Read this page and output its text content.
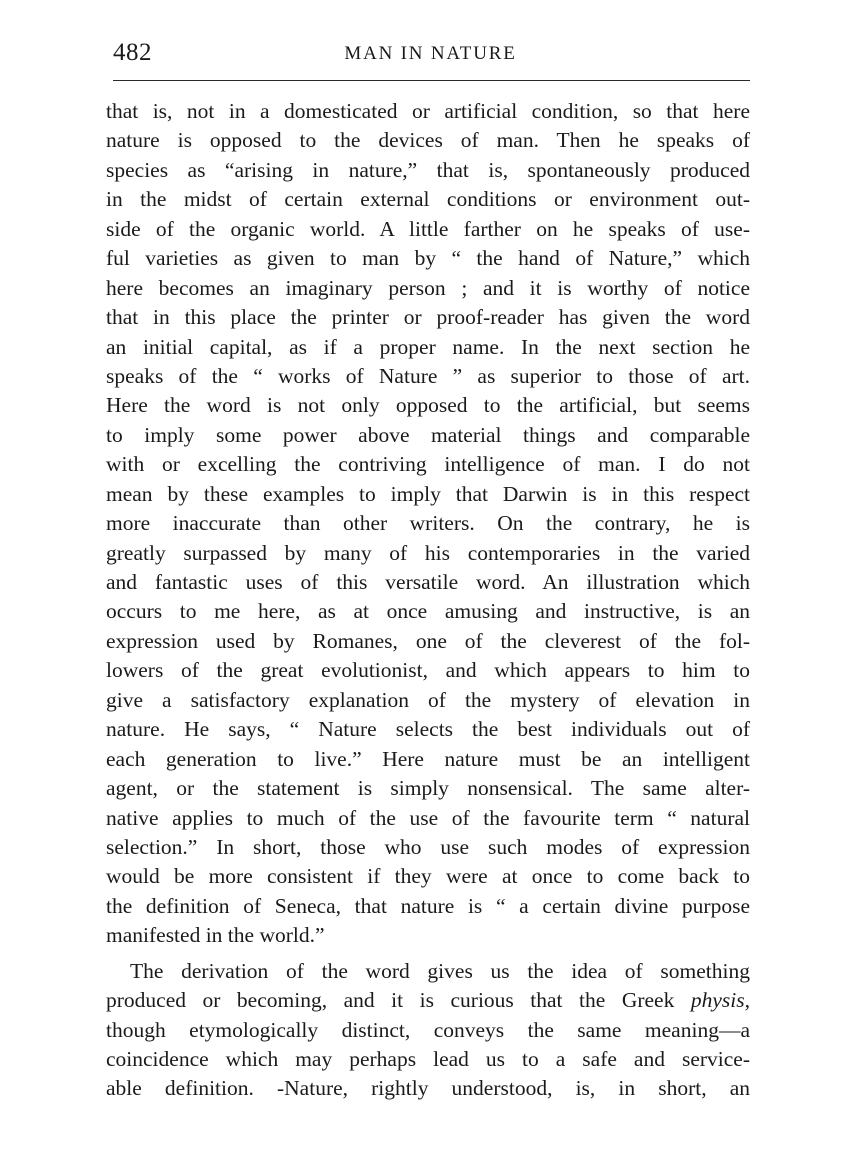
482	MAN IN NATURE
that is, not in a domesticated or artificial condition, so that here
nature is opposed to the devices of man. Then he speaks of
species as “arising in nature,” that is, spontaneously produced
in the midst of certain external conditions or environment out-
side of the organic world. A little farther on he speaks of use-
ful varieties as given to man by “ the hand of Nature,” which
here becomes an imaginary person ; and it is worthy of notice
that in this place the printer or proof-reader has given the word
an initial capital, as if a proper name. In the next section he
speaks of the “ works of Nature ” as superior to those of art.
Here the word is not only opposed to the artificial, but seems
to imply some power above material things and comparable
with or excelling the contriving intelligence of man. I do not
mean by these examples to imply that Darwin is in this respect
more inaccurate than other writers. On the contrary, he is
greatly surpassed by many of his contemporaries in the varied
and fantastic uses of this versatile word. An illustration which
occurs to me here, as at once amusing and instructive, is an
expression used by Romanes, one of the cleverest of the fol-
lowers of the great evolutionist, and which appears to him to
give a satisfactory explanation of the mystery of elevation in
nature. He says, “ Nature selects the best individuals out of
each generation to live.” Here nature must be an intelligent
agent, or the statement is simply nonsensical. The same alter-
native applies to much of the use of the favourite term “ natural
selection.” In short, those who use such modes of expression
would be more consistent if they were at once to come back to
the definition of Seneca, that nature is “ a certain divine purpose
manifested in the world.”
The derivation of the word gives us the idea of something
produced or becoming, and it is curious that the Greek physis,
though etymologically distinct, conveys the same meaning—a
coincidence which may perhaps lead us to a safe and service-
able definition. -Nature, rightly understood, is, in short, an
